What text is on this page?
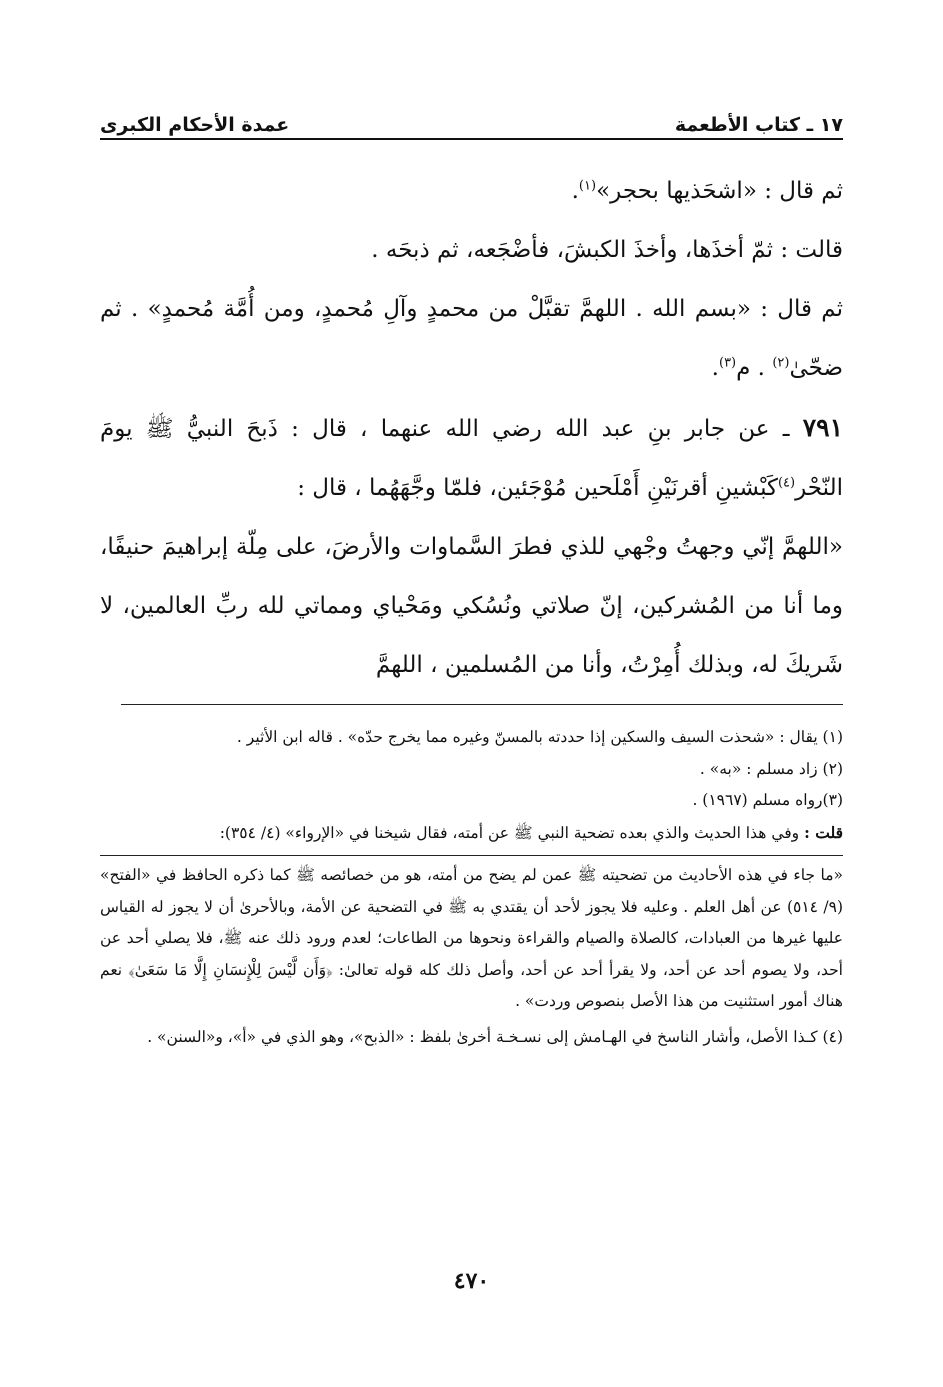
١٧ ـ كتاب الأطعمة
عمدة الأحكام الكبرى

ثم قال : «اشحَذيها بحجر»$^{(١)}$.

قالت : ثمّ أخذَها، وأخذَ الكبشَ، فأضْجَعه، ثم ذبحَه .

ثم قال : «بسم الله . اللهمَّ تقبَّلْ من محمدٍ وآلِ مُحمدٍ، ومن أُمَّة مُحمدٍ» . ثم ضحّىٰ$^{(٢)}$ . م$^{(٣)}$.

٧٩١ ـ عن جابر بنِ عبد الله رضي الله عنهما ، قال : ذَبحَ النبيُّ ﷺ يومَ النّحْر$^{(٤)}$كَبْشينِ أقرنَيْنِ أَمْلَحين مُوْجَئين، فلمّا وجَّهَهُما ، قال :

«اللهمَّ إنّي وجهتُ وجْهي للذي فطرَ السَّماوات والأرضَ، على مِلّة إبراهيمَ حنيفًا، وما أنا من المُشركين، إنّ صلاتي ونُسُكي ومَحْياي ومماتي لله ربِّ العالمين، لا شَريكَ له، وبذلك أُمِرْتُ، وأنا من المُسلمين ، اللهمَّ

(١) يقال : «شحذت السيف والسكين إذا حددته بالمسنّ وغيره مما يخرج حدّه» . قاله ابن الأثير .

(٢) زاد مسلم : «به» .

(٣)رواه مسلم (١٩٦٧) .

قلت : وفي هذا الحديث والذي بعده تضحية النبي ﷺ عن أمته، فقال شيخنا في «الإرواء» (٤/ ٣٥٤):

«ما جاء في هذه الأحاديث من تضحيته ﷺ عمن لم يضح من أمته، هو من خصائصه ﷺ كما ذكره الحافظ في «الفتح» (٩/ ٥١٤) عن أهل العلم . وعليه فلا يجوز لأحد أن يقتدي به ﷺ في التضحية عن الأمة، وبالأحرىٰ أن لا يجوز له القياس عليها غيرها من العبادات، كالصلاة والصيام والقراءة ونحوها من الطاعات؛ لعدم ورود ذلك عنه ﷺ، فلا يصلي أحد عن أحد، ولا يصوم أحد عن أحد، ولا يقرأ أحد عن أحد، وأصل ذلك كله قوله تعالىٰ: ﴿وَأَن لَّيْسَ لِلْإِنسَانِ إِلَّا مَا سَعَىٰ﴾ نعم هناك أمور استثنيت من هذا الأصل بنصوص وردت» .

(٤) كـذا الأصل، وأشار الناسخ في الهـامش إلى نسـخـة أخرىٰ بلفظ : «الذبح»، وهو الذي في «أ»، و«السنن» .

٤٧٠
